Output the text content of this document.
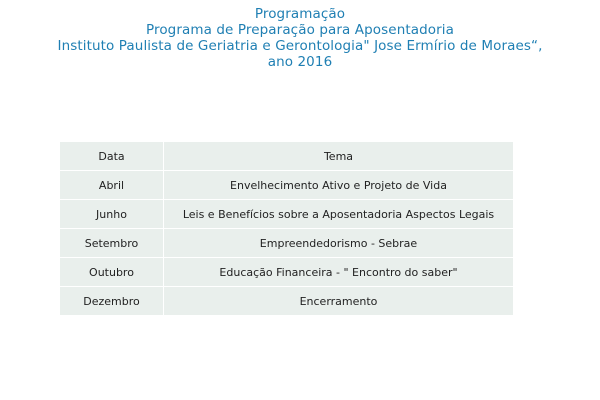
Programação
Programa de Preparação para Aposentadoria
Instituto Paulista de Geriatria e Gerontologia" Jose Ermírio de Moraes“,
ano 2016
Data	Tema
Abril	Envelhecimento Ativo e Projeto de Vida
Junho	Leis e Benefícios sobre a Aposentadoria Aspectos Legais
Setembro	Empreendedorismo - Sebrae
Outubro	Educação Financeira - " Encontro do saber"
Dezembro	Encerramento
